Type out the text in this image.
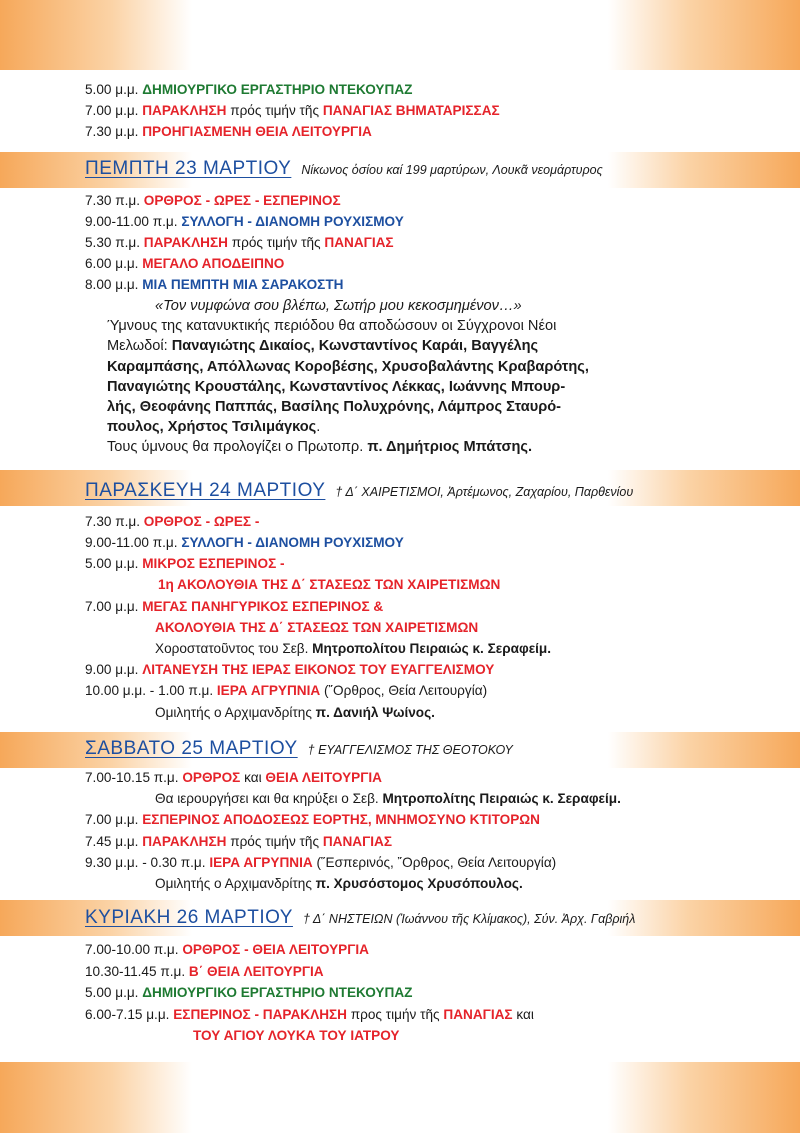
5.00 μ.μ. ΔΗΜΙΟΥΡΓΙΚΟ ΕΡΓΑΣΤΗΡΙΟ ΝΤΕΚΟΥΠΑΖ
7.00 μ.μ. ΠΑΡΑΚΛΗΣΗ πρός τιμήν τῆς ΠΑΝΑΓΙΑΣ ΒΗΜΑΤΑΡΙΣΣΑΣ
7.30 μ.μ. ΠΡΟΗΓΙΑΣΜΕΝΗ ΘΕΙΑ ΛΕΙΤΟΥΡΓΙΑ
ΠΕΜΠΤΗ 23 ΜΑΡΤΙΟΥ Νίκωνος ὁσίου καί 199 μαρτύρων, Λουκᾶ νεομάρτυρος
7.30 π.μ. ΟΡΘΡΟΣ - ΩΡΕΣ - ΕΣΠΕΡΙΝΟΣ
9.00-11.00 π.μ. ΣΥΛΛΟΓΗ - ΔΙΑΝΟΜΗ ΡΟΥΧΙΣΜΟΥ
5.30 π.μ. ΠΑΡΑΚΛΗΣΗ πρός τιμήν τῆς ΠΑΝΑΓΙΑΣ
6.00 μ.μ. ΜΕΓΑΛΟ ΑΠΟΔΕΙΠΝΟ
8.00 μ.μ. ΜΙΑ ΠΕΜΠΤΗ ΜΙΑ ΣΑΡΑΚΟΣΤΗ
«Τον νυμφώνα σου βλέπω, Σωτήρ μου κεκοσμημένον…»
Ύμνους της κατανυκτικής περιόδου θα αποδώσουν οι Σύγχρονοι Νέοι
Μελωδοί: Παναγιώτης Δικαίος, Κωνσταντίνος Καράι, Βαγγέλης
Καραμπάσης, Απόλλωνας Κοροβέσης, Χρυσοβαλάντης Κραβαρότης,
Παναγιώτης Κρουστάλης, Κωνσταντίνος Λέκκας, Ιωάννης Μπουρ-
λής, Θεοφάνης Παππάς, Βασίλης Πολυχρόνης, Λάμπρος Σταυρό-
πουλος, Χρήστος Τσιλιμάγκος.
Τους ύμνους θα προλογίζει ο Πρωτοπρ. π. Δημήτριος Μπάτσης.
ΠΑΡΑΣΚΕΥΗ 24 ΜΑΡΤΙΟΥ † Δ΄ ΧΑΙΡΕΤΙΣΜΟΙ, Ἀρτέμωνος, Ζαχαρίου, Παρθενίου
7.30 π.μ. ΟΡΘΡΟΣ - ΩΡΕΣ -
9.00-11.00 π.μ. ΣΥΛΛΟΓΗ - ΔΙΑΝΟΜΗ ΡΟΥΧΙΣΜΟΥ
5.00 μ.μ. ΜΙΚΡΟΣ ΕΣΠΕΡΙΝΟΣ -
1η ΑΚΟΛΟΥΘΙΑ ΤΗΣ Δ΄ ΣΤΑΣΕΩΣ ΤΩΝ ΧΑΙΡΕΤΙΣΜΩΝ
7.00 μ.μ. ΜΕΓΑΣ ΠΑΝΗΓΥΡΙΚΟΣ ΕΣΠΕΡΙΝΟΣ &
ΑΚΟΛΟΥΘΙΑ ΤΗΣ Δ΄ ΣΤΑΣΕΩΣ ΤΩΝ ΧΑΙΡΕΤΙΣΜΩΝ
Χοροστατοῦντος του Σεβ. Μητροπολίτου Πειραιώς κ. Σεραφείμ.
9.00 μ.μ. ΛΙΤΑΝΕΥΣΗ ΤΗΣ ΙΕΡΑΣ ΕΙΚΟΝΟΣ ΤΟΥ ΕΥΑΓΓΕΛΙΣΜΟΥ
10.00 μ.μ. - 1.00 π.μ. ΙΕΡΑ ΑΓΡΥΠΝΙΑ (῎Ορθρος, Θεία Λειτουργία)
Ομιλητής ο Αρχιμανδρίτης π. Δανιήλ Ψωίνος.
ΣΑΒΒΑΤΟ 25 ΜΑΡΤΙΟΥ † ΕΥΑΓΓΕΛΙΣΜΟΣ ΤΗΣ ΘΕΟΤΟΚΟΥ
7.00-10.15 π.μ. ΟΡΘΡΟΣ και ΘΕΙΑ ΛΕΙΤΟΥΡΓΙΑ
Θα ιερουργήσει και θα κηρύξει ο Σεβ. Μητροπολίτης Πειραιώς κ. Σεραφείμ.
7.00 μ.μ. ΕΣΠΕΡΙΝΟΣ ΑΠΟΔΟΣΕΩΣ ΕΟΡΤΗΣ, ΜΝΗΜΟΣΥΝΟ ΚΤΙΤΟΡΩΝ
7.45 μ.μ. ΠΑΡΑΚΛΗΣΗ πρός τιμήν τῆς ΠΑΝΑΓΙΑΣ
9.30 μ.μ. - 0.30 π.μ. ΙΕΡΑ ΑΓΡΥΠΝΙΑ (῞Εσπερινός, ῎Ορθρος, Θεία Λειτουργία)
Ομιλητής ο Αρχιμανδρίτης π. Χρυσόστομος Χρυσόπουλος.
ΚΥΡΙΑΚΗ 26 ΜΑΡΤΙΟΥ † Δ΄ ΝΗΣΤΕΙΩΝ (Ἰωάννου τῆς Κλίμακος), Σύν. Ἀρχ. Γαβριήλ
7.00-10.00 π.μ. ΟΡΘΡΟΣ - ΘΕΙΑ ΛΕΙΤΟΥΡΓΙΑ
10.30-11.45 π.μ. Β΄ ΘΕΙΑ ΛΕΙΤΟΥΡΓΙΑ
5.00 μ.μ. ΔΗΜΙΟΥΡΓΙΚΟ ΕΡΓΑΣΤΗΡΙΟ ΝΤΕΚΟΥΠΑΖ
6.00-7.15 μ.μ. ΕΣΠΕΡΙΝΟΣ - ΠΑΡΑΚΛΗΣΗ προς τιμήν τῆς ΠΑΝΑΓΙΑΣ και
ΤΟΥ ΑΓΙΟΥ ΛΟΥΚΑ ΤΟΥ ΙΑΤΡΟΥ
